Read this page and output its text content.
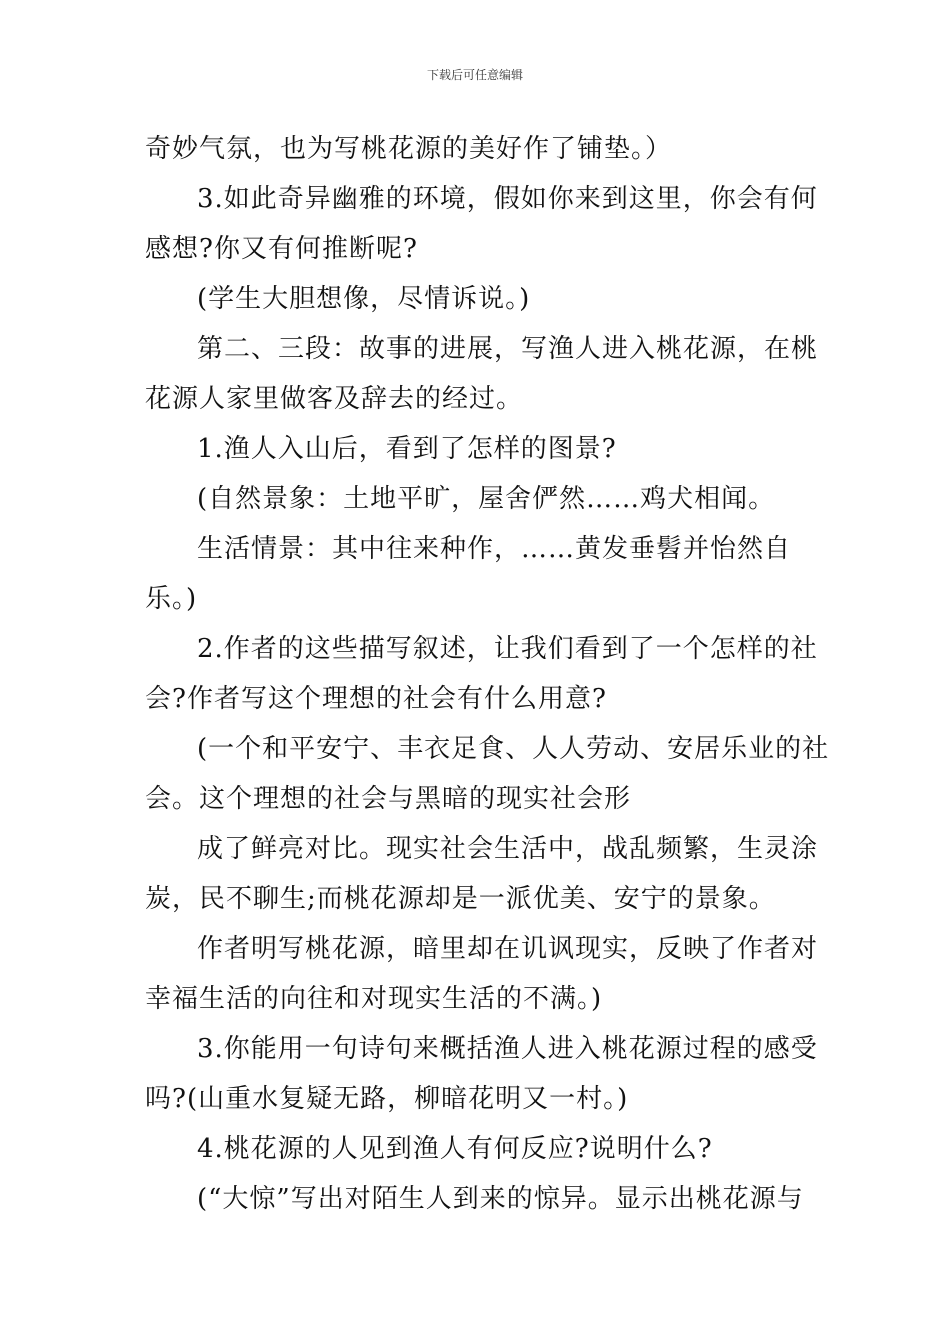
下载后可任意编辑
奇妙气氛，也为写桃花源的美好作了铺垫。）
3.如此奇异幽雅的环境，假如你来到这里，你会有何
感想?你又有何推断呢?
(学生大胆想像，尽情诉说。)
第二、三段：故事的进展，写渔人进入桃花源，在桃
花源人家里做客及辞去的经过。
1.渔人入山后，看到了怎样的图景?
(自然景象：土地平旷，屋舍俨然……鸡犬相闻。
生活情景：其中往来种作，……黄发垂髫并怡然自
乐。)
2.作者的这些描写叙述，让我们看到了一个怎样的社
会?作者写这个理想的社会有什么用意?
(一个和平安宁、丰衣足食、人人劳动、安居乐业的社
会。这个理想的社会与黑暗的现实社会形
成了鲜亮对比。现实社会生活中，战乱频繁，生灵涂
炭，民不聊生;而桃花源却是一派优美、安宁的景象。
作者明写桃花源，暗里却在讥讽现实，反映了作者对
幸福生活的向往和对现实生活的不满。)
3.你能用一句诗句来概括渔人进入桃花源过程的感受
吗?(山重水复疑无路，柳暗花明又一村。)
4.桃花源的人见到渔人有何反应?说明什么?
(“大惊”写出对陌生人到来的惊异。显示出桃花源与
